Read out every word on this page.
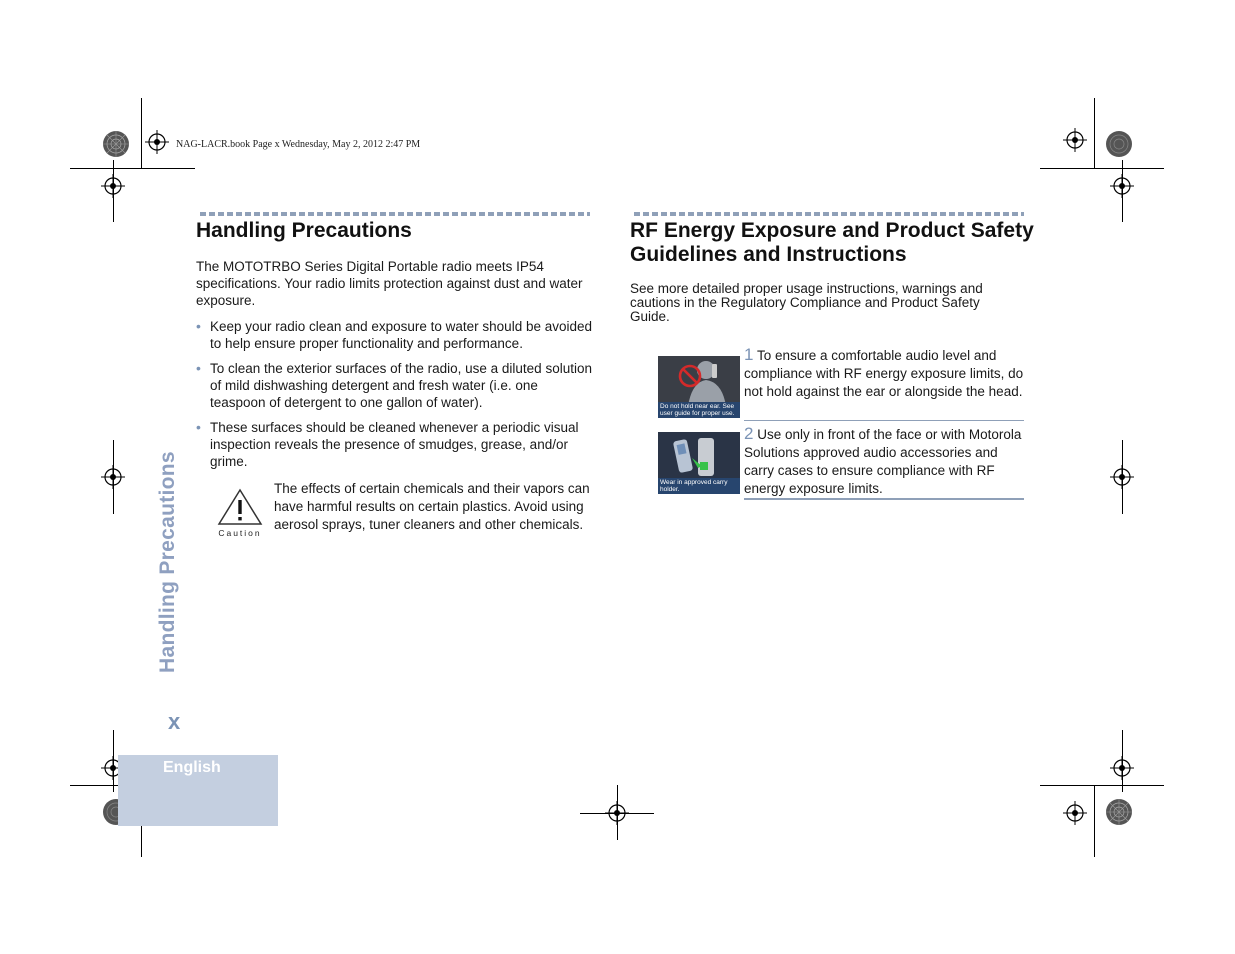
NAG-LACR.book Page x Wednesday, May 2, 2012 2:47 PM
Handling Precautions
The MOTOTRBO Series Digital Portable radio meets IP54 specifications. Your radio limits protection against dust and water exposure.
• Keep your radio clean and exposure to water should be avoided to help ensure proper functionality and performance.
• To clean the exterior surfaces of the radio, use a diluted solution of mild dishwashing detergent and fresh water (i.e. one teaspoon of detergent to one gallon of water).
• These surfaces should be cleaned whenever a periodic visual inspection reveals the presence of smudges, grease, and/or grime.
Caution
The effects of certain chemicals and their vapors can have harmful results on certain plastics. Avoid using aerosol sprays, tuner cleaners and other chemicals.
RF Energy Exposure and Product Safety Guidelines and Instructions
See more detailed proper usage instructions, warnings and cautions in the Regulatory Compliance and Product Safety Guide.
Do not hold near ear. See user guide for proper use.
1 To ensure a comfortable audio level and compliance with RF energy exposure limits, do not hold against the ear or alongside the head.
Wear in approved carry holder.
2 Use only in front of the face or with Motorola Solutions approved audio accessories and carry cases to ensure compliance with RF energy exposure limits.
Handling Precautions
x
English
